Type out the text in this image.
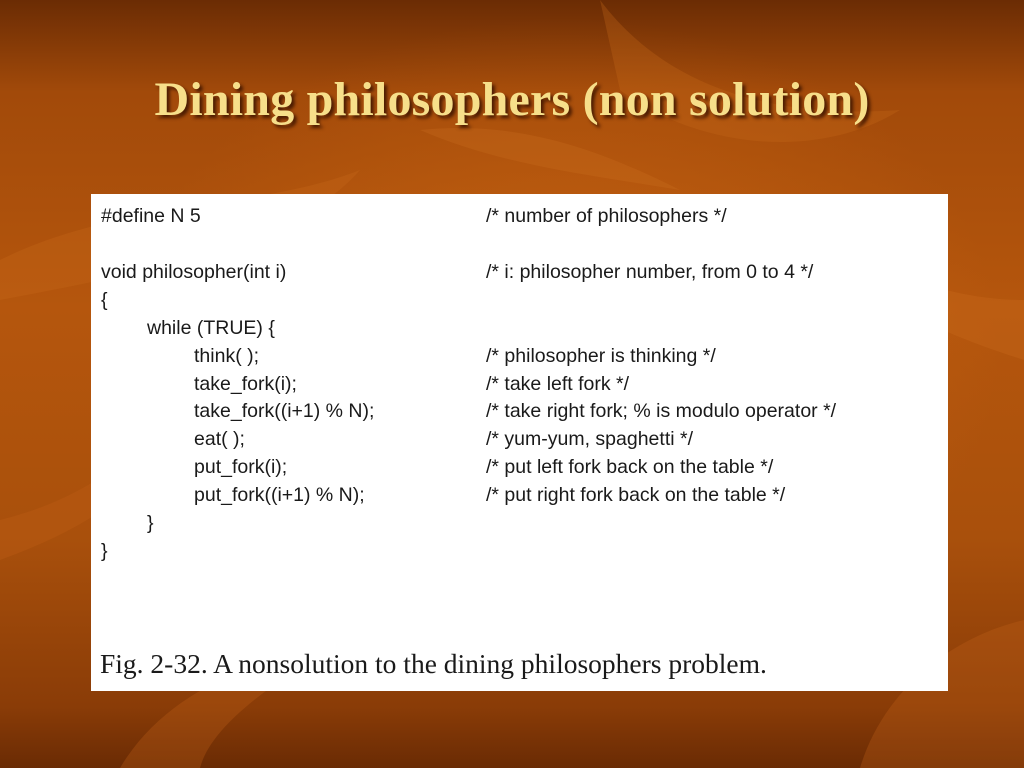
Dining philosophers (non solution)
#define N 5	/* number of philosophers */
void philosopher(int i)	/* i: philosopher number, from 0 to 4 */
{
while (TRUE) {
think( );	/* philosopher is thinking */
take_fork(i);	/* take left fork */
take_fork((i+1) % N);	/* take right fork; % is modulo operator */
eat( );	/* yum-yum, spaghetti */
put_fork(i);	/* put left fork back on the table */
put_fork((i+1) % N);	/* put right fork back on the table */
}
}
Fig. 2-32. A nonsolution to the dining philosophers problem.
